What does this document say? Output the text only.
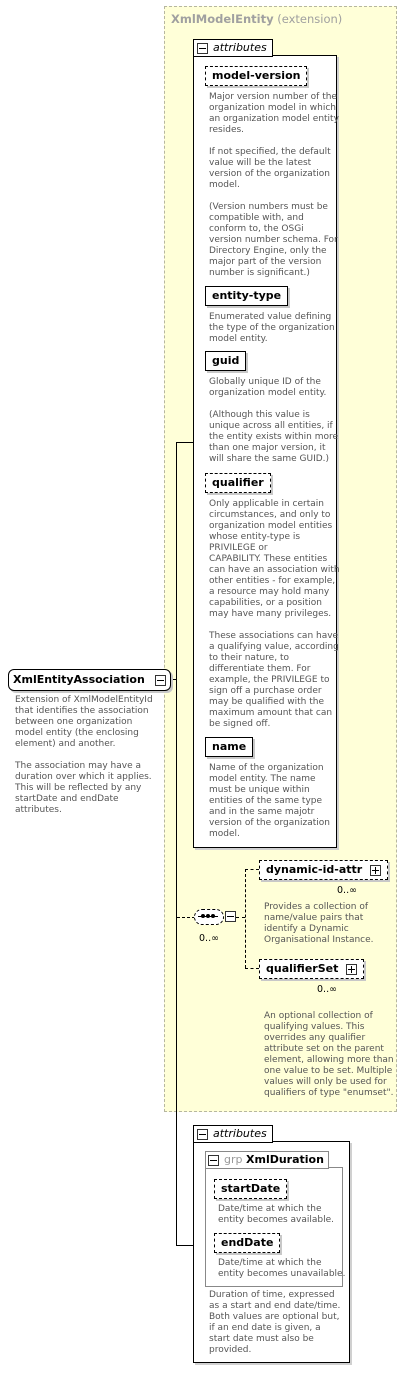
XmlModelEntity (extension)
XmlEntityAssociation
Extension of XmlModelEntityId
that identifies the association
between one organization
model entity (the enclosing
element) and another.

The association may have a
duration over which it applies.
This will be reflected by any
startDate and endDate
attributes.
attributes
model-version
Major version number of the
organization model in which
an organization model entity
resides.

If not specified, the default
value will be the latest
version of the organization
model.

(Version numbers must be
compatible with, and
conform to, the OSGi
version number schema. For
Directory Engine, only the
major part of the version
number is significant.)
entity-type
Enumerated value defining
the type of the organization
model entity.
guid
Globally unique ID of the
organization model entity.

(Although this value is
unique across all entities, if
the entity exists within more
than one major version, it
will share the same GUID.)
qualifier
Only applicable in certain
circumstances, and only to
organization model entities
whose entity-type is
PRIVILEGE or
CAPABILITY. These entities
can have an association with
other entities - for example,
a resource may hold many
capabilities, or a position
may have many privileges.

These associations can have
a qualifying value, according
to their nature, to
differentiate them. For
example, the PRIVILEGE to
sign off a purchase order
may be qualified with the
maximum amount that can
be signed off.
name
Name of the organization
model entity. The name
must be unique within
entities of the same type
and in the same majotr
version of the organization
model.
0..∞
dynamic-id-attr
0..∞
Provides a collection of
name/value pairs that
identify a Dynamic
Organisational Instance.
qualifierSet
0..∞
An optional collection of
qualifying values. This
overrides any qualifier
attribute set on the parent
element, allowing more than
one value to be set. Multiple
values will only be used for
qualifiers of type "enumset".
attributes
grp XmlDuration
startDate
Date/time at which the
entity becomes available.
endDate
Date/time at which the
entity becomes unavailable.
Duration of time, expressed
as a start and end date/time.
Both values are optional but,
if an end date is given, a
start date must also be
provided.
